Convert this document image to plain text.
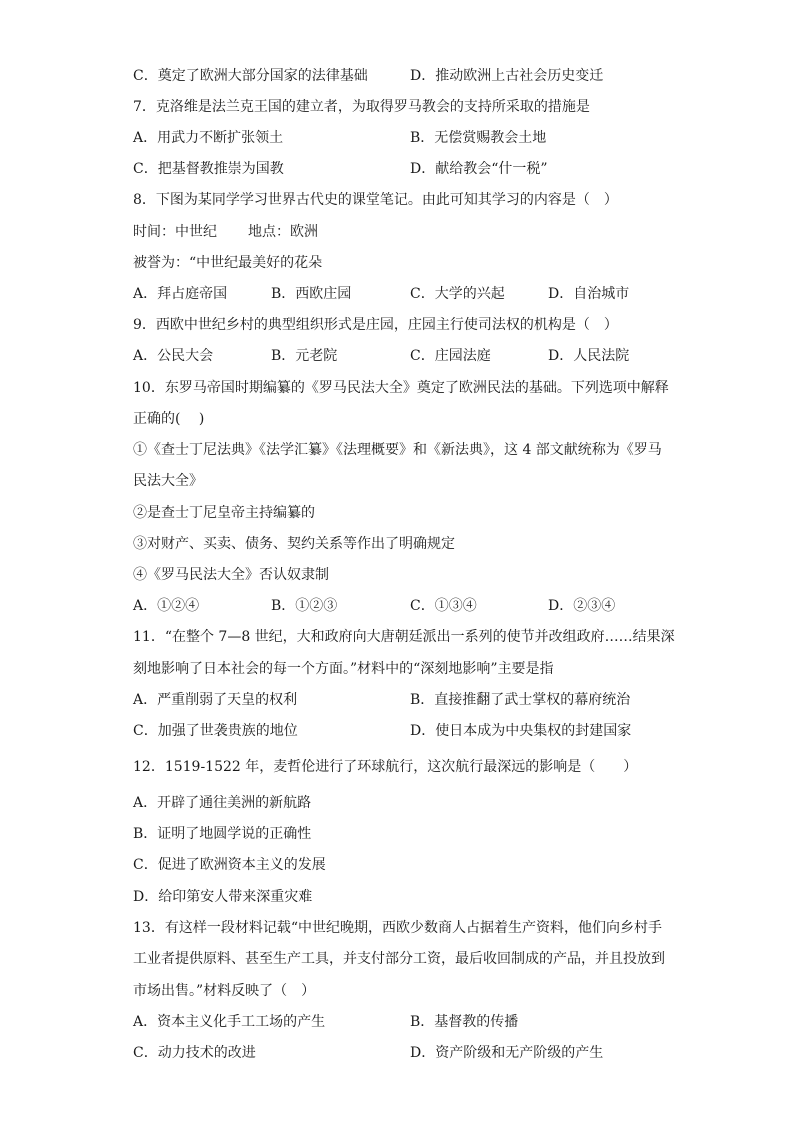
C．奠定了欧洲大部分国家的法律基础	D．推动欧洲上古社会历史变迁
7．克洛维是法兰克王国的建立者，为取得罗马教会的支持所采取的措施是
A．用武力不断扩张领土	B．无偿赏赐教会土地
C．把基督教推崇为国教	D．献给教会“什一税”
8．下图为某同学学习世界古代史的课堂笔记。由此可知其学习的内容是（　）
时间：中世纪 地点：欧洲
被誉为：“中世纪最美好的花朵
A．拜占庭帝国	B．西欧庄园	C．大学的兴起	D．自治城市
9．西欧中世纪乡村的典型组织形式是庄园，庄园主行使司法权的机构是（　）
A．公民大会	B．元老院	C．庄园法庭	D．人民法院
10．东罗马帝国时期编纂的《罗马民法大全》奠定了欧洲民法的基础。下列选项中解释
正确的(　 )
①《查士丁尼法典》《法学汇纂》《法理概要》和《新法典》，这 4 部文献统称为《罗马
民法大全》
②是查士丁尼皇帝主持编纂的
③对财产、买卖、债务、契约关系等作出了明确规定
④《罗马民法大全》否认奴隶制
A．①②④	B．①②③	C．①③④	D．②③④
11．“在整个 7—8 世纪，大和政府向大唐朝廷派出一系列的使节并改组政府……结果深
刻地影响了日本社会的每一个方面。”材料中的“深刻地影响”主要是指
A．严重削弱了天皇的权利	B．直接推翻了武士掌权的幕府统治
C．加强了世袭贵族的地位	D．使日本成为中央集权的封建国家
12．1519-1522 年，麦哲伦进行了环球航行，这次航行最深远的影响是（　　）
A．开辟了通往美洲的新航路
B．证明了地圆学说的正确性
C．促进了欧洲资本主义的发展
D．给印第安人带来深重灾难
13．有这样一段材料记载“中世纪晚期，西欧少数商人占据着生产资料，他们向乡村手
工业者提供原料、甚至生产工具，并支付部分工资，最后收回制成的产品，并且投放到
市场出售。”材料反映了（　）
A．资本主义化手工工场的产生	B．基督教的传播
C．动力技术的改进	D．资产阶级和无产阶级的产生
